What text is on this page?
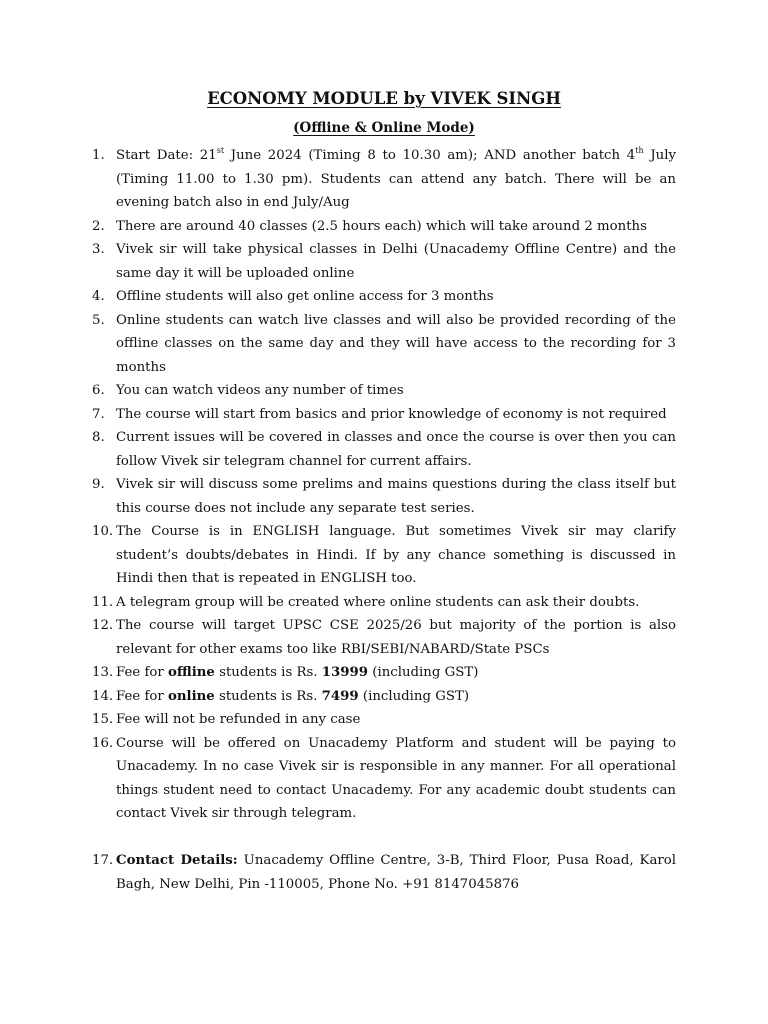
ECONOMY MODULE by VIVEK SINGH
(Offline & Online Mode)
1. Start Date: 21st June 2024 (Timing 8 to 10.30 am); AND another batch 4th July (Timing 11.00 to 1.30 pm). Students can attend any batch. There will be an evening batch also in end July/Aug
2. There are around 40 classes (2.5 hours each) which will take around 2 months
3. Vivek sir will take physical classes in Delhi (Unacademy Offline Centre) and the same day it will be uploaded online
4. Offline students will also get online access for 3 months
5. Online students can watch live classes and will also be provided recording of the offline classes on the same day and they will have access to the recording for 3 months
6. You can watch videos any number of times
7. The course will start from basics and prior knowledge of economy is not required
8. Current issues will be covered in classes and once the course is over then you can follow Vivek sir telegram channel for current affairs.
9. Vivek sir will discuss some prelims and mains questions during the class itself but this course does not include any separate test series.
10. The Course is in ENGLISH language. But sometimes Vivek sir may clarify student’s doubts/debates in Hindi. If by any chance something is discussed in Hindi then that is repeated in ENGLISH too.
11. A telegram group will be created where online students can ask their doubts.
12. The course will target UPSC CSE 2025/26 but majority of the portion is also relevant for other exams too like RBI/SEBI/NABARD/State PSCs
13. Fee for offline students is Rs. 13999 (including GST)
14. Fee for online students is Rs. 7499 (including GST)
15. Fee will not be refunded in any case
16. Course will be offered on Unacademy Platform and student will be paying to Unacademy. In no case Vivek sir is responsible in any manner. For all operational things student need to contact Unacademy. For any academic doubt students can contact Vivek sir through telegram.
17. Contact Details: Unacademy Offline Centre, 3-B, Third Floor, Pusa Road, Karol Bagh, New Delhi, Pin -110005, Phone No. +91 8147045876
